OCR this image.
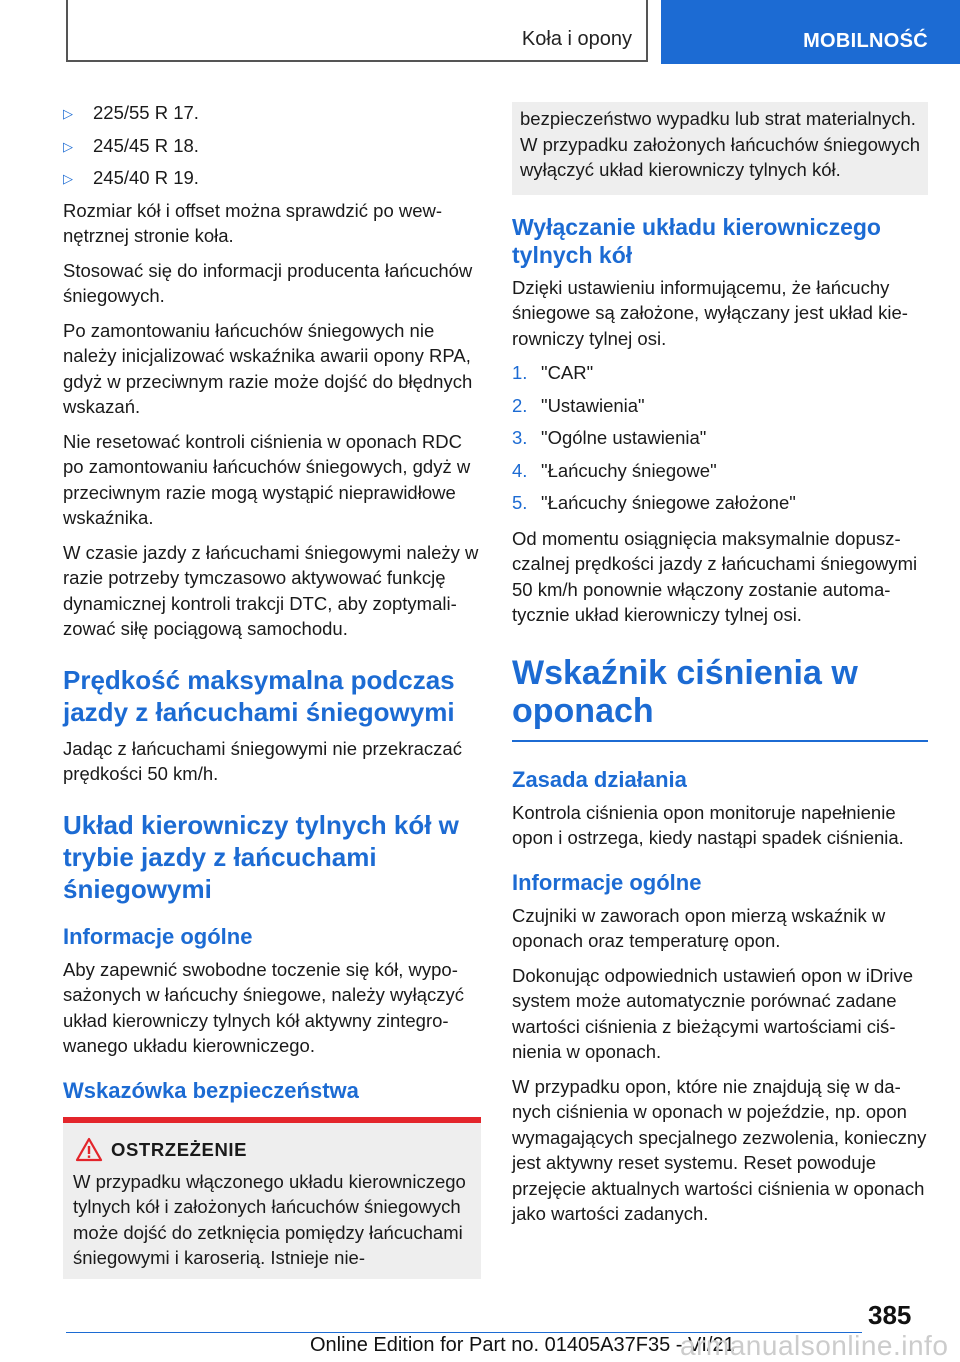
Koła i opony	MOBILNOŚĆ
▷ 225/55 R 17.
▷ 245/45 R 18.
▷ 245/40 R 19.

Rozmiar kół i offset można sprawdzić po wewnętrznej stronie koła.

Stosować się do informacji producenta łańcuchów śniegowych.

Po zamontowaniu łańcuchów śniegowych nie należy inicjalizować wskaźnika awarii opony RPA, gdyż w przeciwnym razie może dojść do błędnych wskazań.

Nie resetować kontroli ciśnienia w oponach RDC po zamontowaniu łańcuchów śniegowych, gdyż w przeciwnym razie mogą wystąpić nieprawidłowe wskaźnika.

W czasie jazdy z łańcuchami śniegowymi należy w razie potrzeby tymczasowo aktywować funkcję dynamicznej kontroli trakcji DTC, aby zoptymalizować siłę pociągową samochodu.

Prędkość maksymalna podczas jazdy z łańcuchami śniegowymi

Jadąc z łańcuchami śniegowymi nie przekraczać prędkości 50 km/h.

Układ kierowniczy tylnych kół w trybie jazdy z łańcuchami śniegowymi
Informacje ogólne

Aby zapewnić swobodne toczenie się kół, wyposażonych w łańcuchy śniegowe, należy wyłączyć układ kierowniczy tylnych kół aktywny zintegrowanego układu kierowniczego.

Wskazówka bezpieczeństwa
OSTRZEŻENIE

W przypadku włączonego układu kierowniczego tylnych kół i założonych łańcuchów śniegowych może dojść do zetknięcia pomiędzy łańcuchami śniegowymi i karoserią. Istnieje nie-

bezpieczeństwo wypadku lub strat materialnych. W przypadku założonych łańcuchów śniegowych wyłączyć układ kierowniczy tylnych kół.

Wyłączanie układu kierowniczego tylnych kół

Dzięki ustawieniu informującemu, że łańcuchy śniegowe są założone, wyłączany jest układ kierowniczy tylnej osi.

1. "CAR"
2. "Ustawienia"
3. "Ogólne ustawienia"
4. "Łańcuchy śniegowe"
5. "Łańcuchy śniegowe założone"

Od momentu osiągnięcia maksymalnie dopuszczalnej prędkości jazdy z łańcuchami śniegowymi 50 km/h ponownie włączony zostanie automatycznie układ kierowniczy tylnej osi.

Wskaźnik ciśnienia w oponach
Zasada działania

Kontrola ciśnienia opon monitoruje napełnienie opon i ostrzega, kiedy nastąpi spadek ciśnienia.

Informacje ogólne

Czujniki w zaworach opon mierzą wskaźnik w oponach oraz temperaturę opon.

Dokonując odpowiednich ustawień opon w iDrive system może automatycznie porównać zadane wartości ciśnienia z bieżącymi wartościami ciśnienia w oponach.

W przypadku opon, które nie znajdują się w danych ciśnienia w oponach w pojeździe, np. opon wymagających specjalnego zezwolenia, konieczny jest aktywny reset systemu. Reset powoduje przejęcie aktualnych wartości ciśnienia w oponach jako wartości zadanych.

385
Online Edition for Part no. 01405A37F35 - VI/21
armanualsonline.info
